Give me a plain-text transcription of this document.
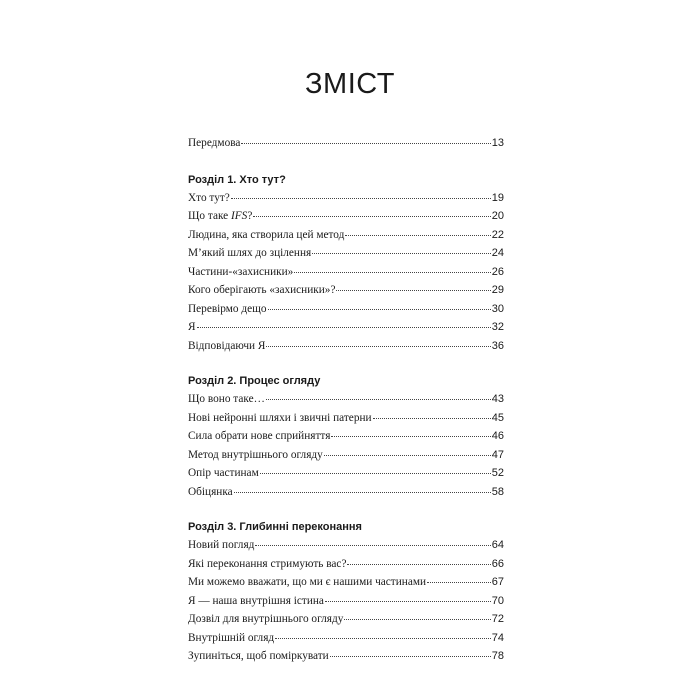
ЗМІСТ
Передмова	13
Розділ 1. Хто тут?
Хто тут?	19
Що таке IFS?	20
Людина, яка створила цей метод	22
М’який шлях до зцілення	24
Частини-«захисники»	26
Кого оберігають «захисники»?	29
Перевірмо дещо	30
Я	32
Відповідаючи Я	36
Розділ 2. Процес огляду
Що воно таке…	43
Нові нейронні шляхи і звичні патерни	45
Сила обрати нове сприйняття	46
Метод внутрішнього огляду	47
Опір частинам	52
Обіцянка	58
Розділ 3. Глибинні переконання
Новий погляд	64
Які переконання стримують вас?	66
Ми можемо вважати, що ми є нашими частинами	67
Я — наша внутрішня істина	70
Дозвіл для внутрішнього огляду	72
Внутрішній огляд	74
Зупиніться, щоб поміркувати	78
